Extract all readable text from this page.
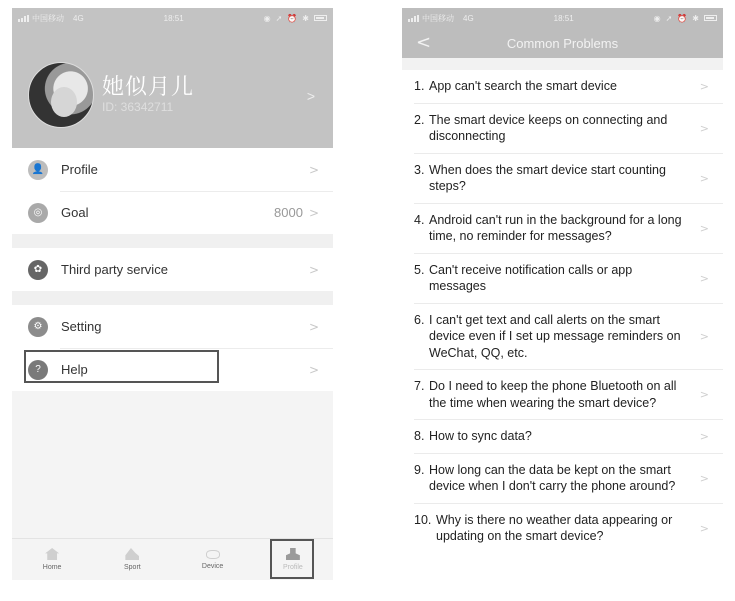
中国移动 4G	18:51	◉ ➚ ⏰ ✱
她似月儿
ID: 36342711
>
👤 Profile	>
◎	Goal	8000 >
✿	Third party service	>
⚙	Setting	>
?	Help	>
Home	Sport	Device	Profile
中国移动 4G	18:51	◉ ➚ ⏰ ✱
<	Common Problems
1. App can't search the smart device	>
2. The smart device keeps on connecting and disconnecting
>
3. When does the smart device start counting steps?
>
4. Android can't run in the background for a long time, no reminder for messages?
>
5. Can't receive notification calls or app messages
>
6. I can't get text and call alerts on the smart device even if I set up message reminders on WeChat, QQ, etc.
>
7. Do I need to keep the phone Bluetooth on all the time when wearing the smart device?
>
8. How to sync data?	>
9. How long can the data be kept on the smart device when I don't carry the phone around?
>
10. Why is there no weather data appearing or updating on the smart device?
>
